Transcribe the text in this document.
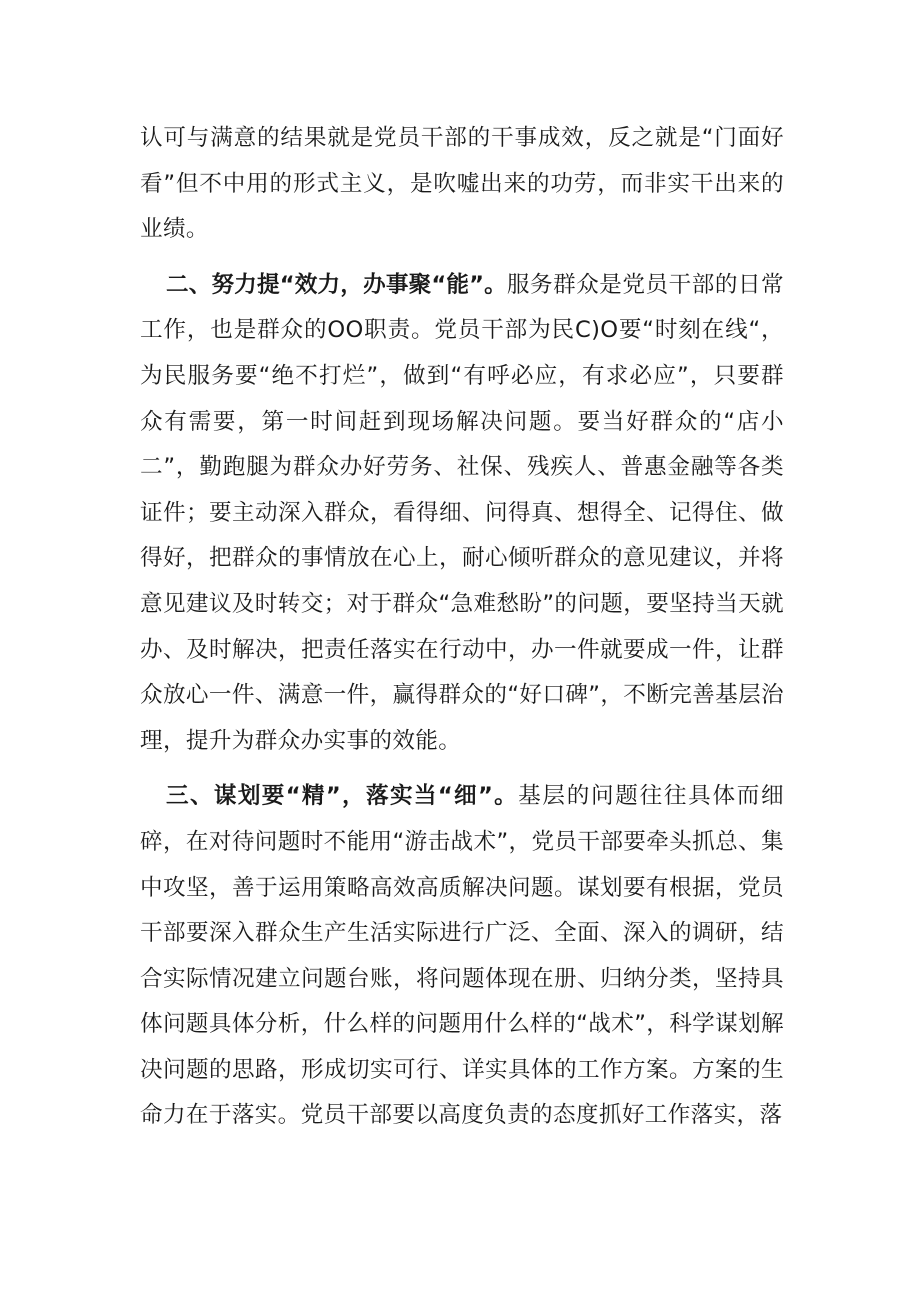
认可与满意的结果就是党员干部的干事成效，反之就是“门面好看”但不中用的形式主义，是吹嘘出来的功劳，而非实干出来的业绩。

二、努力提“效力，办事聚“能”。服务群众是党员干部的日常工作，也是群众的OO职责。党员干部为民C)O要“时刻在线“，为民服务要“绝不打烂”，做到“有呼必应，有求必应”，只要群众有需要，第一时间赶到现场解决问题。要当好群众的“店小二”，勤跑腿为群众办好劳务、社保、残疾人、普惠金融等各类证件；要主动深入群众，看得细、问得真、想得全、记得住、做得好，把群众的事情放在心上，耐心倾听群众的意见建议，并将意见建议及时转交；对于群众“急难愁盼”的问题，要坚持当天就办、及时解决，把责任落实在行动中，办一件就要成一件，让群众放心一件、满意一件，赢得群众的“好口碑”，不断完善基层治理，提升为群众办实事的效能。

三、谋划要“精”，落实当“细”。基层的问题往往具体而细碎，在对待问题时不能用“游击战术”，党员干部要牵头抓总、集中攻坚，善于运用策略高效高质解决问题。谋划要有根据，党员干部要深入群众生产生活实际进行广泛、全面、深入的调研，结合实际情况建立问题台账，将问题体现在册、归纳分类，坚持具体问题具体分析，什么样的问题用什么样的“战术”，科学谋划解决问题的思路，形成切实可行、详实具体的工作方案。方案的生命力在于落实。党员干部要以高度负责的态度抓好工作落实，落
